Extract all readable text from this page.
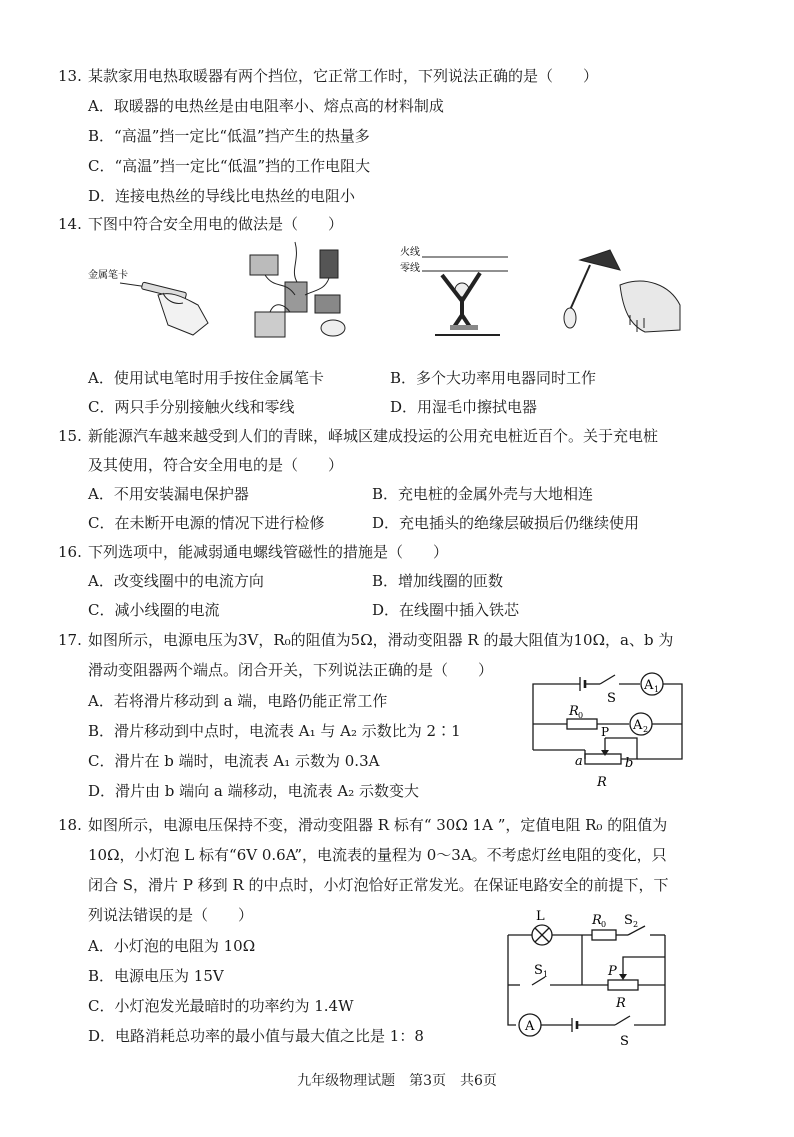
13. 某款家用电热取暖器有两个挡位，它正常工作时，下列说法正确的是（　　）
A．取暖器的电热丝是由电阻率小、熔点高的材料制成
B．“高温”挡一定比“低温”挡产生的热量多
C．“高温”挡一定比“低温”挡的工作电阻大
D．连接电热丝的导线比电热丝的电阻小
14. 下图中符合安全用电的做法是（　　）
金属笔卡
火线
零线
A．使用试电笔时用手按住金属笔卡	B．多个大功率用电器同时工作
C．两只手分别接触火线和零线	D．用湿毛巾擦拭电器
15. 新能源汽车越来越受到人们的青睐，峄城区建成投运的公用充电桩近百个。关于充电桩
及其使用，符合安全用电的是（　　）
A．不用安装漏电保护器	B．充电桩的金属外壳与大地相连
C．在未断开电源的情况下进行检修	D．充电插头的绝缘层破损后仍继续使用
16. 下列选项中，能减弱通电螺线管磁性的措施是（　　）
A．改变线圈中的电流方向	B．增加线圈的匝数
C．减小线圈的电流	D．在线圈中插入铁芯
17. 如图所示，电源电压为3V，R₀的阻值为5Ω，滑动变阻器 R 的最大阻值为10Ω，a、b 为
滑动变阻器两个端点。闭合开关，下列说法正确的是（　　）
A．若将滑片移动到 a 端，电路仍能正常工作
B．滑片移动到中点时，电流表 A₁ 与 A₂ 示数比为 2∶1
C．滑片在 b 端时，电流表 A₁ 示数为 0.3A
D．滑片由 b 端向 a 端移动，电流表 A₂ 示数变大
S
A 1
A 2
R 0
P
a	b
R
18. 如图所示，电源电压保持不变，滑动变阻器 R 标有“ 30Ω 1A ”，定值电阻 R₀ 的阻值为
10Ω，小灯泡 L 标有“6V 0.6A”，电流表的量程为 0～3A。不考虑灯丝电阻的变化，只
闭合 S，滑片 P 移到 R 的中点时，小灯泡恰好正常发光。在保证电路安全的前提下，下
列说法错误的是（　　）
A．小灯泡的电阻为 10Ω
B．电源电压为 15V
C．小灯泡发光最暗时的功率约为 1.4W
D．电路消耗总功率的最小值与最大值之比是 1：8
L	R 0 S 2
S 1	P
R
A
S
九年级物理试题　第3页　共6页
